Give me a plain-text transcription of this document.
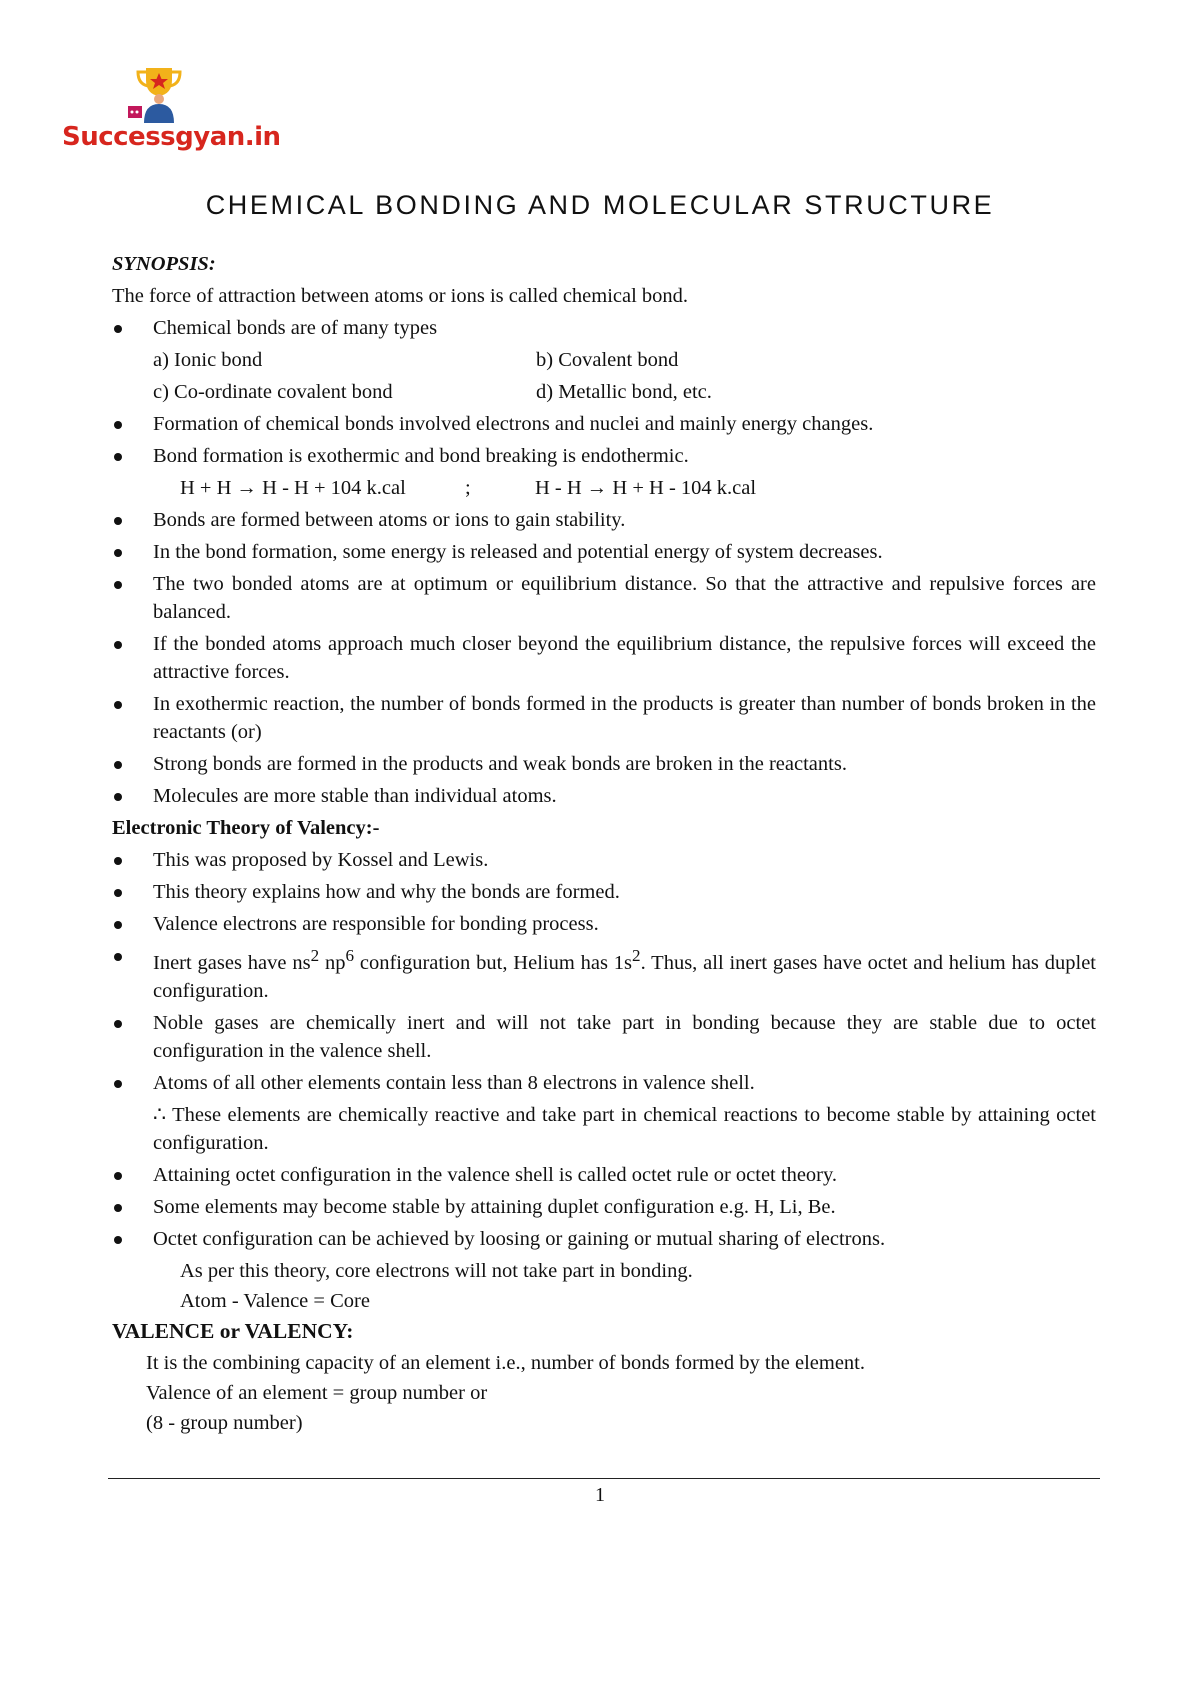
Successgyan.in
CHEMICAL BONDING AND MOLECULAR STRUCTURE
SYNOPSIS:
The force of attraction between atoms or ions is called chemical bond.
Chemical bonds are of many types
a) Ionic bond	b) Covalent bond
c) Co-ordinate covalent bond	d) Metallic bond, etc.
Formation of chemical bonds involved electrons and nuclei and mainly energy changes.
Bond formation is exothermic and bond breaking is endothermic.
H + H → H - H + 104 k.cal	;	H - H → H + H - 104 k.cal
Bonds are formed between atoms or ions to gain stability.
In the bond formation, some energy is released and potential energy of system decreases.
The two bonded atoms are at optimum or equilibrium distance. So that the attractive and repulsive forces are balanced.
If the bonded atoms approach much closer beyond the equilibrium distance, the repulsive forces will exceed the attractive forces.
In exothermic reaction, the number of bonds formed in the products is greater than number of bonds broken in the reactants (or)
Strong bonds are formed in the products and weak bonds are broken in the reactants.
Molecules are more stable than individual atoms.
Electronic Theory of Valency:-
This was proposed by Kossel and Lewis.
This theory explains how and why the bonds are formed.
Valence electrons are responsible for bonding process.
Inert gases have $ns^2$ $np^6$ configuration but, Helium has $1s^2$. Thus, all inert gases have octet and helium has duplet configuration.
Noble gases are chemically inert and will not take part in bonding because they are stable due to octet configuration in the valence shell.
Atoms of all other elements contain less than 8 electrons in valence shell.
∴ These elements are chemically reactive and take part in chemical reactions to become stable by attaining octet configuration.
Attaining octet configuration in the valence shell is called octet rule or octet theory.
Some elements may become stable by attaining duplet configuration e.g. H, Li, Be.
Octet configuration can be achieved by loosing or gaining or mutual sharing of electrons.
As per this theory, core electrons will not take part in bonding.
Atom - Valence = Core
VALENCE or VALENCY:
It is the combining capacity of an element i.e., number of bonds formed by the element.
Valence of an element = group number or
(8 - group number)
1
